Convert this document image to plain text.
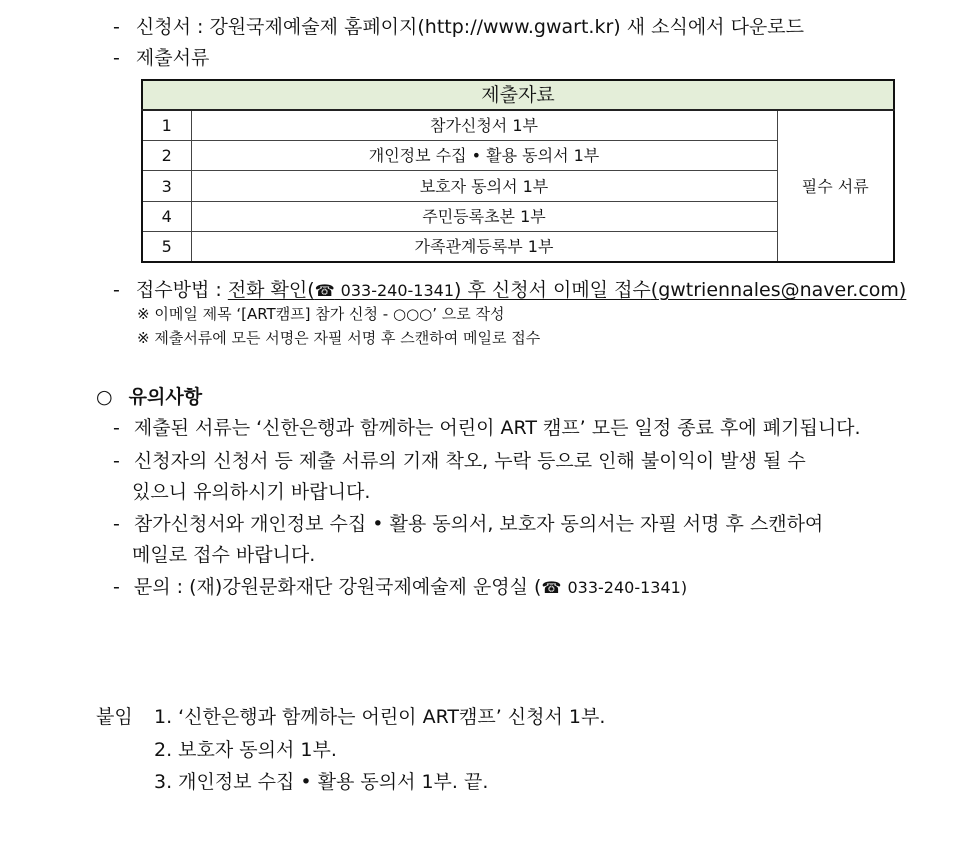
- 신청서 : 강원국제예술제 홈페이지(http://www.gwart.kr) 새 소식에서 다운로드
- 제출서류
제출자료		
1	참가신청서 1부	필수 서류
2	개인정보 수집 • 활용 동의서 1부	
3	보호자 동의서 1부	
4	주민등록초본 1부	
5	가족관계등록부 1부	
- 접수방법 : 전화 확인(☎ 033-240-1341) 후 신청서 이메일 접수(gwtriennales@naver.com)
※ 이메일 제목 ‘[ART캠프] 참가 신청 - ○○○’ 으로 작성
※ 제출서류에 모든 서명은 자필 서명 후 스캔하여 메일로 접수
○ 유의사항
- 제출된 서류는 ‘신한은행과 함께하는 어린이 ART 캠프’ 모든 일정 종료 후에 폐기됩니다.
- 신청자의 신청서 등 제출 서류의 기재 착오, 누락 등으로 인해 불이익이 발생 될 수
있으니 유의하시기 바랍니다.
- 참가신청서와 개인정보 수집 • 활용 동의서, 보호자 동의서는 자필 서명 후 스캔하여
메일로 접수 바랍니다.
- 문의 : (재)강원문화재단 강원국제예술제 운영실 (☎ 033-240-1341)
붙임 1. ‘신한은행과 함께하는 어린이 ART캠프’ 신청서 1부.
2. 보호자 동의서 1부.
3. 개인정보 수집 • 활용 동의서 1부. 끝.
